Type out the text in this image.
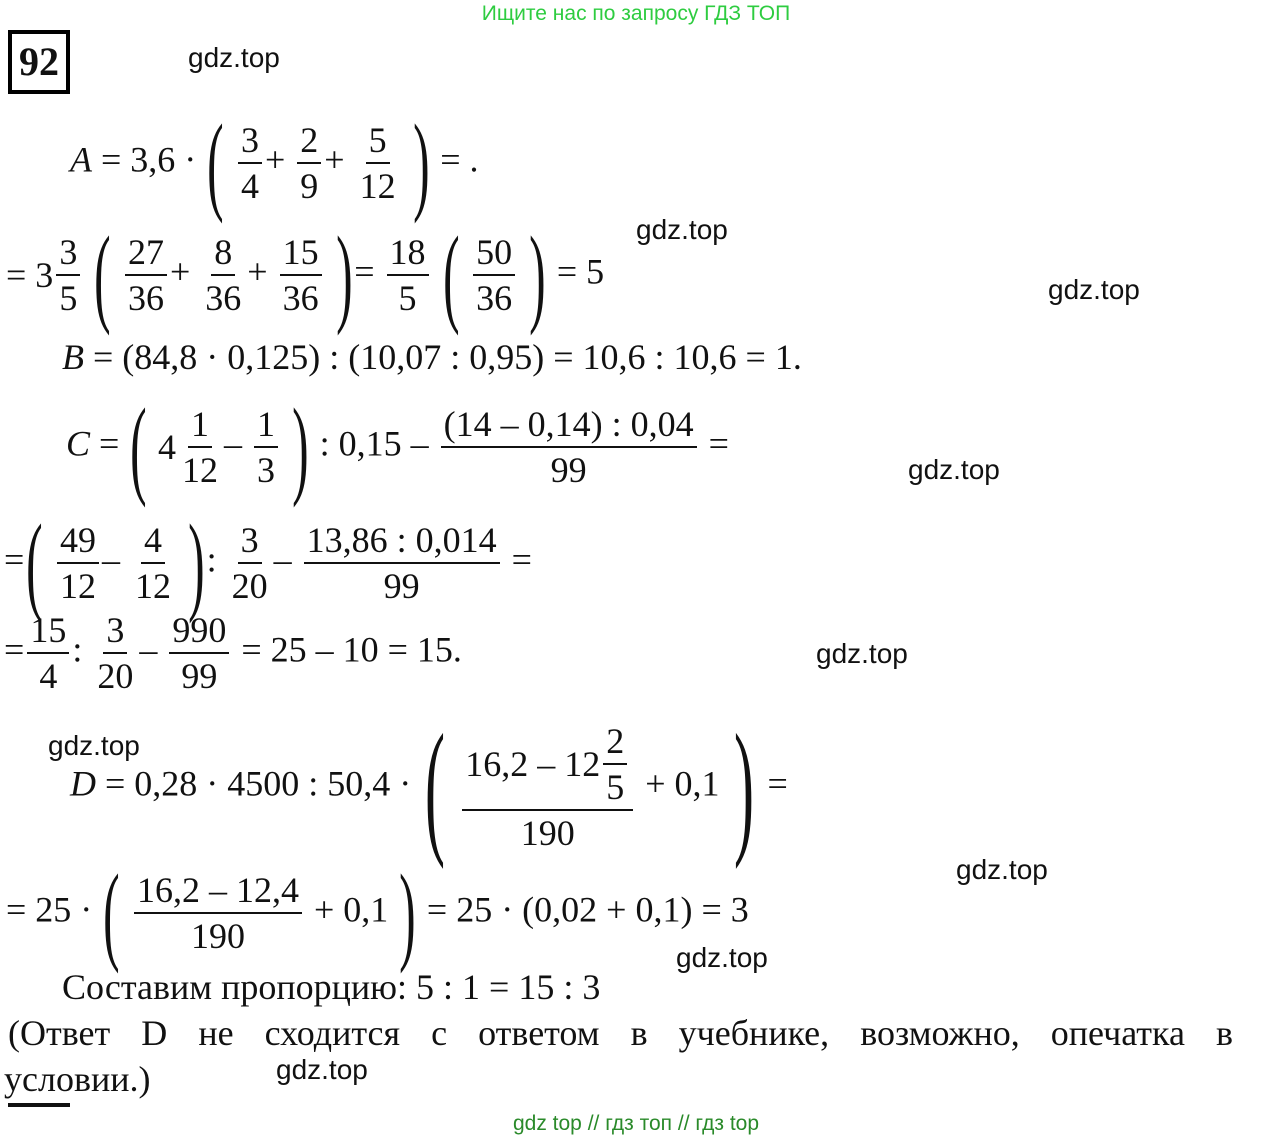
Ищите нас по запросу ГДЗ ТОП
gdz top // гдз топ // гдз top
92	gdz.top
gdz.top
gdz.top
gdz.top
gdz.top
gdz.top
gdz.top
gdz.top
gdz.top
A = 3,6 · ( $\frac{3}{4} + \frac{2}{9} + \frac{5}{12}$ ) = .
= $3 \frac{3}{5}$ ( $\frac{27}{36} + \frac{8}{36} + \frac{15}{36}$ )= $\frac{18}{5}$ ( $\frac{50}{36}$ ) = 5
B = (84,8 · 0,125) : (10,07 : 0,95) = 10,6 : 10,6 = 1.
C = ( $4 \frac{1}{12} - \frac{1}{3}$ ) : $0,15 - \frac{(14 - 0,14) : 0,04}{99}$ =
=( $\frac{49}{12} - \frac{4}{12}$ ): $\frac{3}{20} - \frac{13,86 : 0,014}{99}$ =
= $\frac{15}{4}$ : $\frac{3}{20} - \frac{990}{99} = 25 - 10 = 15$.
D = 0,28 · 4500 : 50,4 · ( $\frac{16,2 - 12 \frac{2}{5}}{190} + 0,1$ ) =
= 25 · ( $\frac{16,2 - 12,4}{190} + 0,1$ ) = 25 · (0,02 + 0,1) = 3
Составим пропорцию: 5 : 1 = 15 : 3
(Ответ D не сходится с ответом в учебнике, возможно, опечатка в
условии.)
